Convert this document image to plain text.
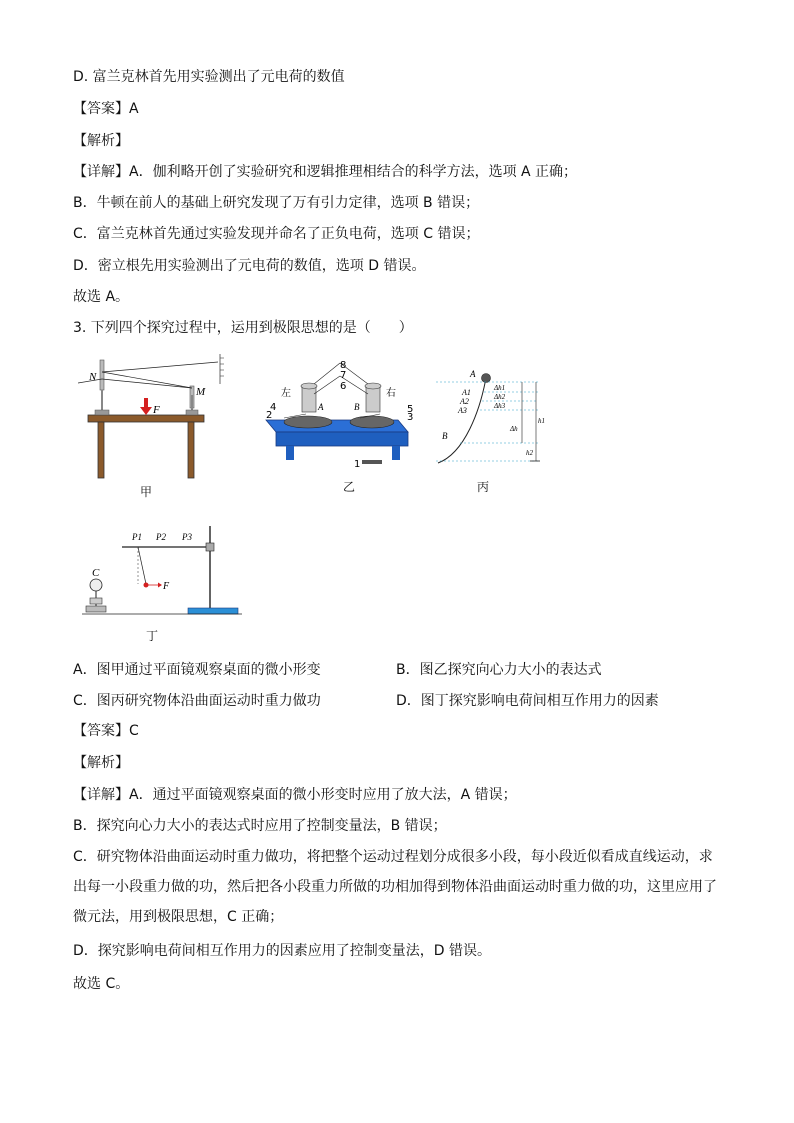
D. 富兰克林首先用实验测出了元电荷的数值
【答案】A
【解析】
【详解】A．伽利略开创了实验研究和逻辑推理相结合的科学方法，选项 A 正确；
B．牛顿在前人的基础上研究发现了万有引力定律，选项 B 错误；
C．富兰克林首先通过实验发现并命名了正负电荷，选项 C 错误；
D．密立根先用实验测出了元电荷的数值，选项 D 错误。
故选 A。
3. 下列四个探究过程中，运用到极限思想的是（　　）
N
M
F
甲
左	右
8
7
6
5
4
3
2
1
A	B
乙
A
A1
A2
A3
B
Δh1
Δh2
Δh3
Δh
h1
h2
丙
C
F
P1 P2 P3
丁
A．图甲通过平面镜观察桌面的微小形变	B．图乙探究向心力大小的表达式
C．图丙研究物体沿曲面运动时重力做功	D．图丁探究影响电荷间相互作用力的因素
【答案】C
【解析】
【详解】A．通过平面镜观察桌面的微小形变时应用了放大法，A 错误；
B．探究向心力大小的表达式时应用了控制变量法，B 错误；
C．研究物体沿曲面运动时重力做功，将把整个运动过程划分成很多小段，每小段近似看成直线运动，求出每一小段重力做的功，然后把各小段重力所做的功相加得到物体沿曲面运动时重力做的功，这里应用了微元法，用到极限思想，C 正确；
D．探究影响电荷间相互作用力的因素应用了控制变量法，D 错误。
故选 C。
